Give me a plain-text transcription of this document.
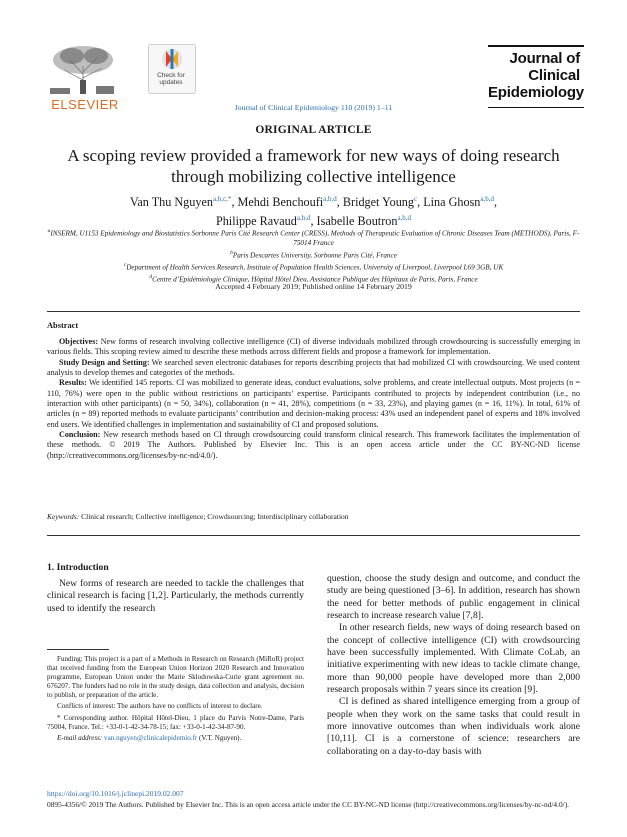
ELSEVIER
Check for updates
Journal of Clinical Epidemiology 110 (2019) 1–11
Journal of
Clinical
Epidemiology
ORIGINAL ARTICLE
A scoping review provided a framework for new ways of doing research through mobilizing collective intelligence
Van Thu Nguyen$^{a,b,c,*}$, Mehdi Benchoufi$^{a,b,d}$, Bridget Young$^c$, Lina Ghosn$^{a,b,d}$,
Philippe Ravaud$^{a,b,d}$, Isabelle Boutron$^{a,b,d}$
$^a$INSERM, U1153 Epidemiology and Biostatistics Sorbonne Paris Cité Research Center (CRESS), Methods of Therapeutic Evaluation of Chronic Diseases Team (METHODS), Paris, F-75014 France
$^b$Paris Descartes University, Sorbonne Paris Cité, France
$^c$Department of Health Services Research, Institute of Population Health Sciences, University of Liverpool, Liverpool L69 3GB, UK
$^d$Centre d’Epidémiologie Clinique, Hôpital Hôtel Dieu, Assistance Publique des Hôpitaux de Paris, Paris, France
Accepted 4 February 2019; Published online 14 February 2019
Abstract

Objectives: New forms of research involving collective intelligence (CI) of diverse individuals mobilized through crowdsourcing is successfully emerging in various fields. This scoping review aimed to describe these methods across different fields and propose a framework for implementation.

Study Design and Setting: We searched seven electronic databases for reports describing projects that had mobilized CI with crowdsourcing. We used content analysis to develop themes and categories of the methods.

Results: We identified 145 reports. CI was mobilized to generate ideas, conduct evaluations, solve problems, and create intellectual outputs. Most projects (n = 110, 76%) were open to the public without restrictions on participants’ expertise. Participants contributed to projects by independent contribution (i.e., no interaction with other participants) (n = 50, 34%), collaboration (n = 41, 28%), competitions (n = 33, 23%), and playing games (n = 16, 11%). In total, 61% of articles (n = 89) reported methods to evaluate participants’ contribution and decision-making process: 43% used an independent panel of experts and 18% involved end users. We identified challenges in implementation and sustainability of CI and proposed solutions.

Conclusion: New research methods based on CI through crowdsourcing could transform clinical research. This framework facilitates the implementation of these methods. © 2019 The Authors. Published by Elsevier Inc. This is an open access article under the CC BY-NC-ND license (http://creativecommons.org/licenses/by-nc-nd/4.0/).

Keywords: Clinical research; Collective intelligence; Crowdsourcing; Interdisciplinary collaboration
1. Introduction

New forms of research are needed to tackle the challenges that clinical research is facing [1,2]. Particularly, the methods currently used to identify the research

question, choose the study design and outcome, and conduct the study are being questioned [3–6]. In addition, research has shown the need for better methods of public engagement in clinical research to increase research value [7,8].

In other research fields, new ways of doing research based on the concept of collective intelligence (CI) with crowdsourcing have been successfully implemented. With Climate CoLab, an initiative experimenting with new ideas to tackle climate change, more than 90,000 people have developed more than 2,000 research proposals within 7 years since its creation [9].

CI is defined as shared intelligence emerging from a group of people when they work on the same tasks that could result in more innovative outcomes than when individuals work alone [10,11]. CI is a cornerstone of science: researchers are collaborating on a day-to-day basis with

Funding: This project is a part of a Methods in Research on Research (MiRoR) project that received funding from the European Union Horizon 2020 Research and Innovation programme, European Union under the Marie Sklodowska-Curie grant agreement no. 676207. The funders had no role in the study design, data collection and analysis, decision to publish, or preparation of the article.

Conflicts of interest: The authors have no conflicts of interest to declare.

* Corresponding author. Hôpital Hôtel-Dieu, 1 place du Parvis Notre-Dame, Paris 75004, France. Tel.: +33-0-1-42-34-78-15; fax: +33-0-1-42-34-87-90.

E-mail address: van.nguyen@clinicalepidemio.fr (V.T. Nguyen).

https://doi.org/10.1016/j.jclinepi.2019.02.007
0895-4356/© 2019 The Authors. Published by Elsevier Inc. This is an open access article under the CC BY-NC-ND license (http://creativecommons.org/licenses/by-nc-nd/4.0/).
